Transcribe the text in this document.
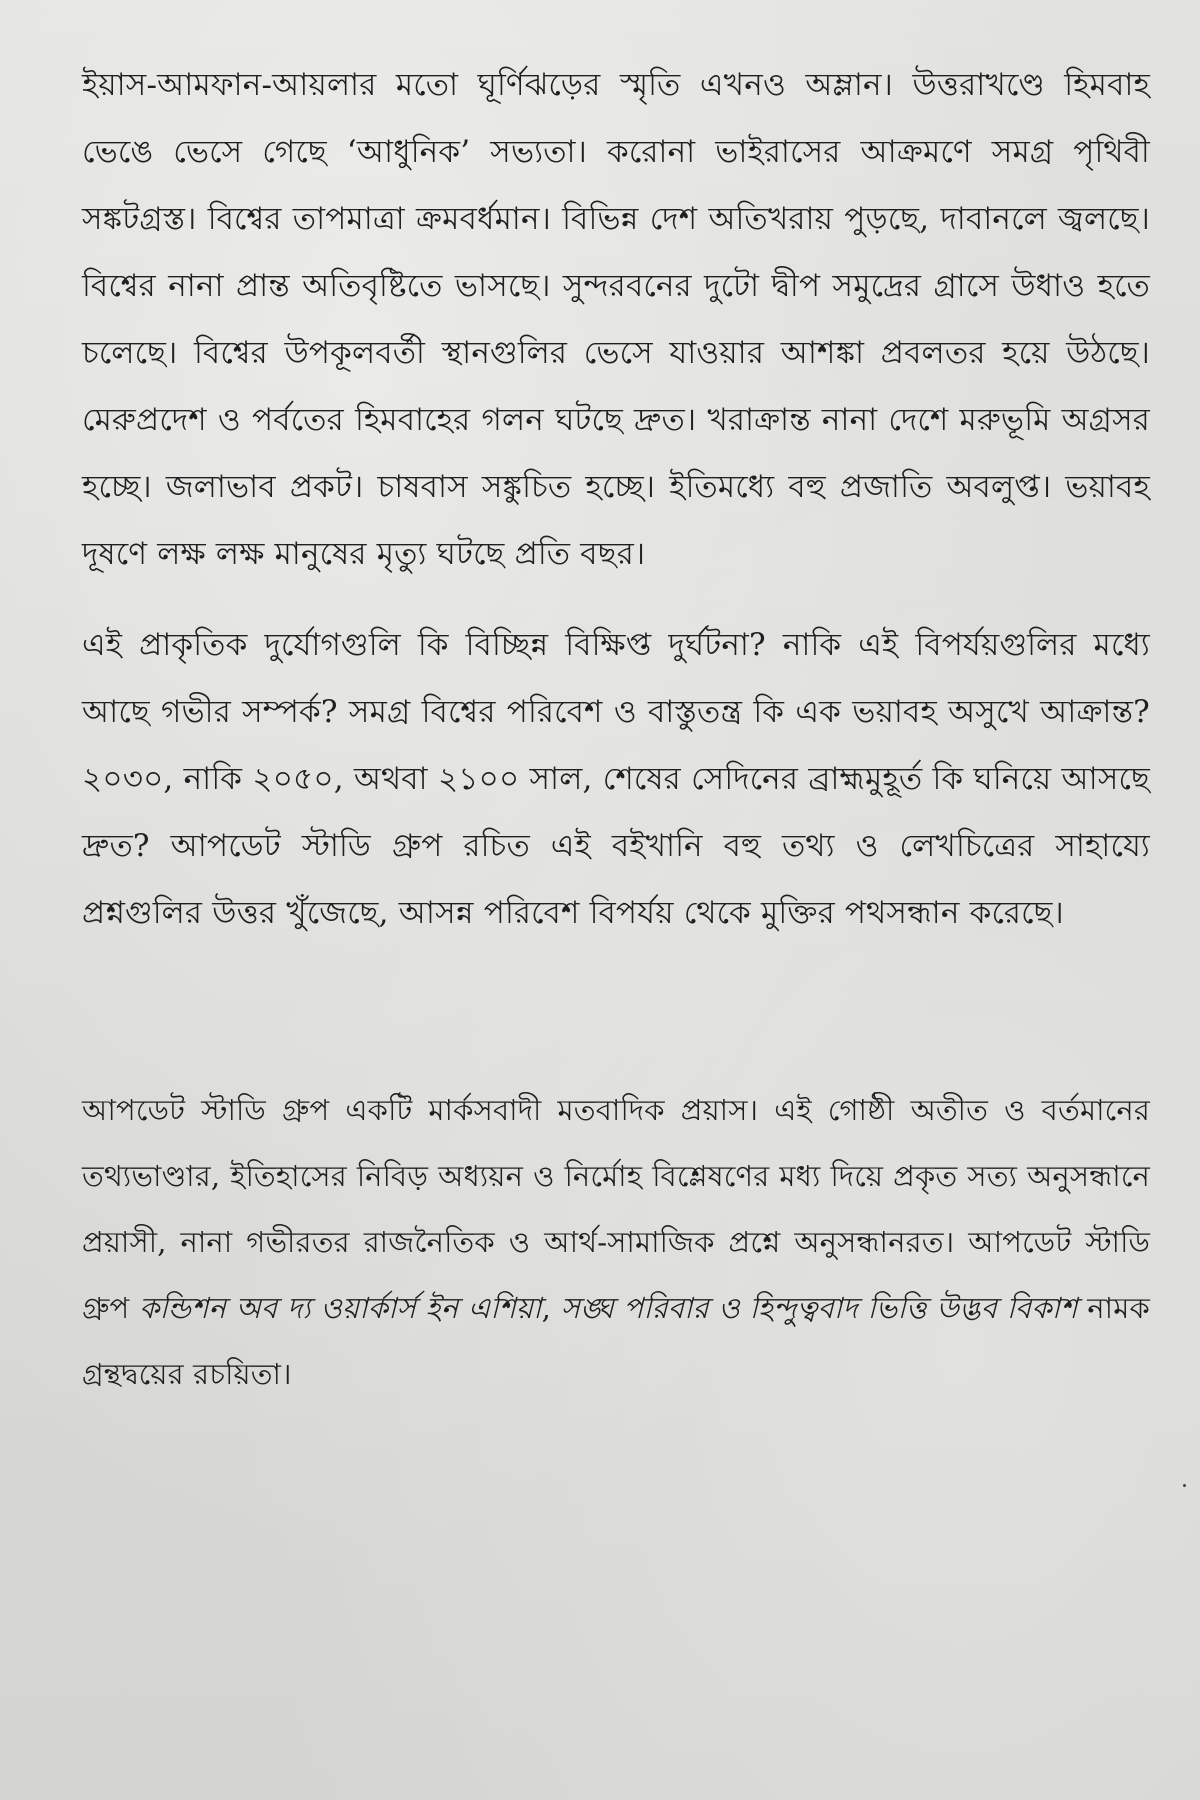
ইয়াস-আমফান-আয়লার মতো ঘূর্ণিঝড়ের স্মৃতি এখনও অম্লান। উত্তরাখণ্ডে হিমবাহ ভেঙে ভেসে গেছে ‘আধুনিক’ সভ্যতা। করোনা ভাইরাসের আক্রমণে সমগ্র পৃথিবী সঙ্কটগ্রস্ত। বিশ্বের তাপমাত্রা ক্রমবর্ধমান। বিভিন্ন দেশ অতিখরায় পুড়ছে, দাবানলে জ্বলছে। বিশ্বের নানা প্রান্ত অতিবৃষ্টিতে ভাসছে। সুন্দরবনের দুটো দ্বীপ সমুদ্রের গ্রাসে উধাও হতে চলেছে। বিশ্বের উপকূলবর্তী স্থানগুলির ভেসে যাওয়ার আশঙ্কা প্রবলতর হয়ে উঠছে। মেরুপ্রদেশ ও পর্বতের হিমবাহের গলন ঘটছে দ্রুত। খরাক্রান্ত নানা দেশে মরুভূমি অগ্রসর হচ্ছে। জলাভাব প্রকট। চাষবাস সঙ্কুচিত হচ্ছে। ইতিমধ্যে বহু প্রজাতি অবলুপ্ত। ভয়াবহ দূষণে লক্ষ লক্ষ মানুষের মৃত্যু ঘটছে প্রতি বছর।

এই প্রাকৃতিক দুর্যোগগুলি কি বিচ্ছিন্ন বিক্ষিপ্ত দুর্ঘটনা? নাকি এই বিপর্যয়গুলির মধ্যে আছে গভীর সম্পর্ক? সমগ্র বিশ্বের পরিবেশ ও বাস্তুতন্ত্র কি এক ভয়াবহ অসুখে আক্রান্ত? ২০৩০, নাকি ২০৫০, অথবা ২১০০ সাল, শেষের সেদিনের ব্রাহ্মমুহূর্ত কি ঘনিয়ে আসছে দ্রুত? আপডেট স্টাডি গ্রুপ রচিত এই বইখানি বহু তথ্য ও লেখচিত্রের সাহায্যে প্রশ্নগুলির উত্তর খুঁজেছে, আসন্ন পরিবেশ বিপর্যয় থেকে মুক্তির পথসন্ধান করেছে।

আপডেট স্টাডি গ্রুপ একটি মার্কসবাদী মতবাদিক প্রয়াস। এই গোষ্ঠী অতীত ও বর্তমানের তথ্যভাণ্ডার, ইতিহাসের নিবিড় অধ্যয়ন ও নির্মোহ বিশ্লেষণের মধ্য দিয়ে প্রকৃত সত্য অনুসন্ধানে প্রয়াসী, নানা গভীরতর রাজনৈতিক ও আর্থ-সামাজিক প্রশ্নে অনুসন্ধানরত। আপডেট স্টাডি গ্রুপ কন্ডিশন অব দ্য ওয়ার্কার্স ইন এশিয়া, সঙ্ঘ পরিবার ও হিন্দুত্ববাদ ভিত্তি উদ্ভব বিকাশ নামক গ্রন্থদ্বয়ের রচয়িতা।
